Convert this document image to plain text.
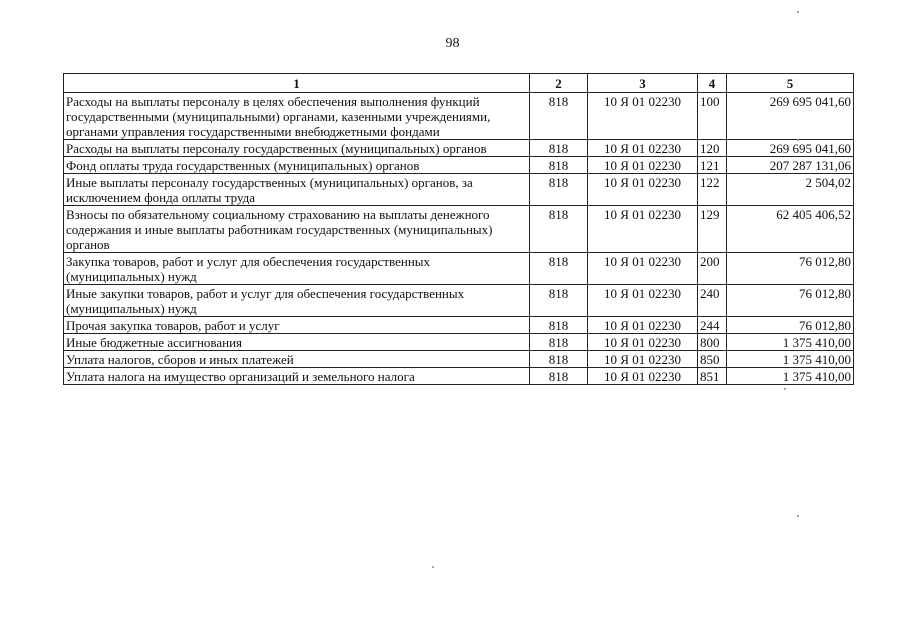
98
1	2	3	4	5
Расходы на выплаты персоналу в целях обеспечения выполнения функций государственными (муниципальными) органами, казенными учреждениями, органами управления государственными внебюджетными фондами	818	10 Я 01 02230	100	269 695 041,60
Расходы на выплаты персоналу государственных (муниципальных) органов	818	10 Я 01 02230	120	269 695 041,60
Фонд оплаты труда государственных (муниципальных) органов	818	10 Я 01 02230	121	207 287 131,06
Иные выплаты персоналу государственных (муниципальных) органов, за исключением фонда оплаты труда	818	10 Я 01 02230	122	2 504,02
Взносы по обязательному социальному страхованию на выплаты денежного содержания и иные выплаты работникам государственных (муниципальных) органов	818	10 Я 01 02230	129	62 405 406,52
Закупка товаров, работ и услуг для обеспечения государственных (муниципальных) нужд	818	10 Я 01 02230	200	76 012,80
Иные закупки товаров, работ и услуг для обеспечения государственных (муниципальных) нужд	818	10 Я 01 02230	240	76 012,80
Прочая закупка товаров, работ и услуг	818	10 Я 01 02230	244	76 012,80
Иные бюджетные ассигнования	818	10 Я 01 02230	800	1 375 410,00
Уплата налогов, сборов и иных платежей	818	10 Я 01 02230	850	1 375 410,00
Уплата налога на имущество организаций и земельного налога	818	10 Я 01 02230	851	1 375 410,00
